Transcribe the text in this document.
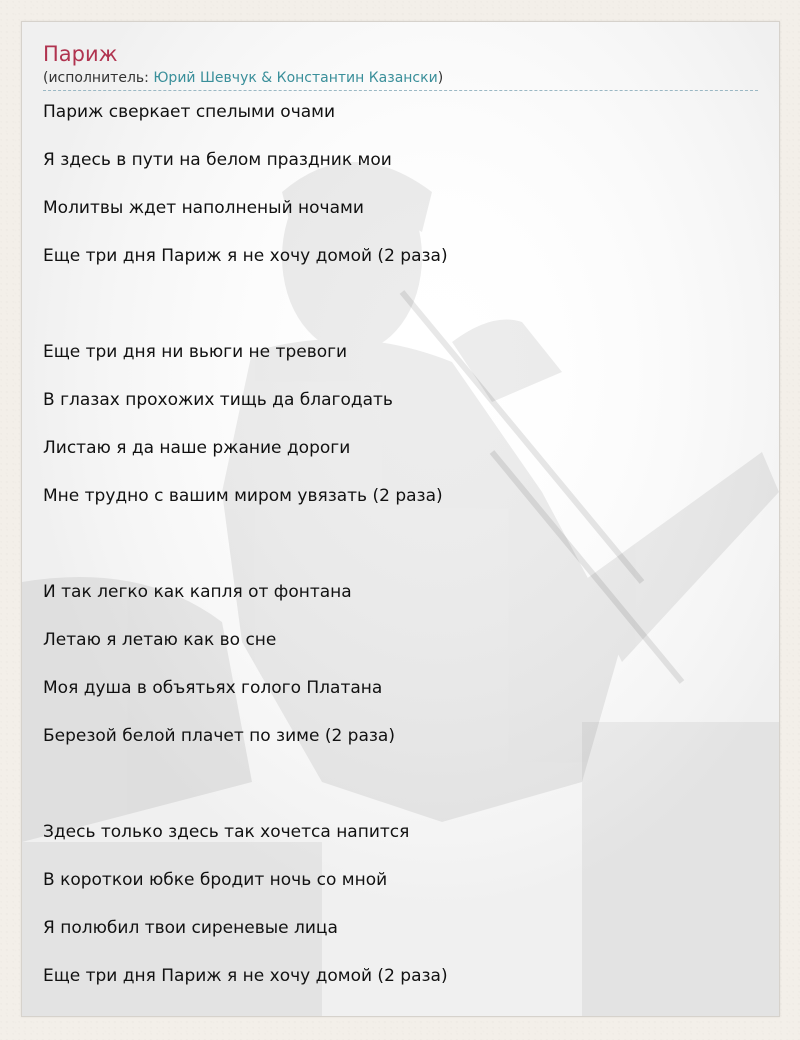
Париж
(исполнитель: Юрий Шевчук & Константин Казански)
Париж сверкает спелыми очами
Я здесь в пути на белом праздник мои
Молитвы ждет наполненый ночами
Еще три дня Париж я не хочу домой (2 раза)
Еще три дня ни вьюги не тревоги
В глазах прохожих тищь да благодать
Листаю я да наше ржание дороги
Мне трудно с вашим миром увязать (2 раза)
И так легко как капля от фонтана
Летаю я летаю как во сне
Моя душа в объятьях голого Платана
Березой белой плачет по зиме (2 раза)
Здесь только здесь так хочетса напится
В короткои юбке бродит ночь со мной
Я полюбил твои сиреневые лица
Еще три дня Париж я не хочу домой (2 раза)
